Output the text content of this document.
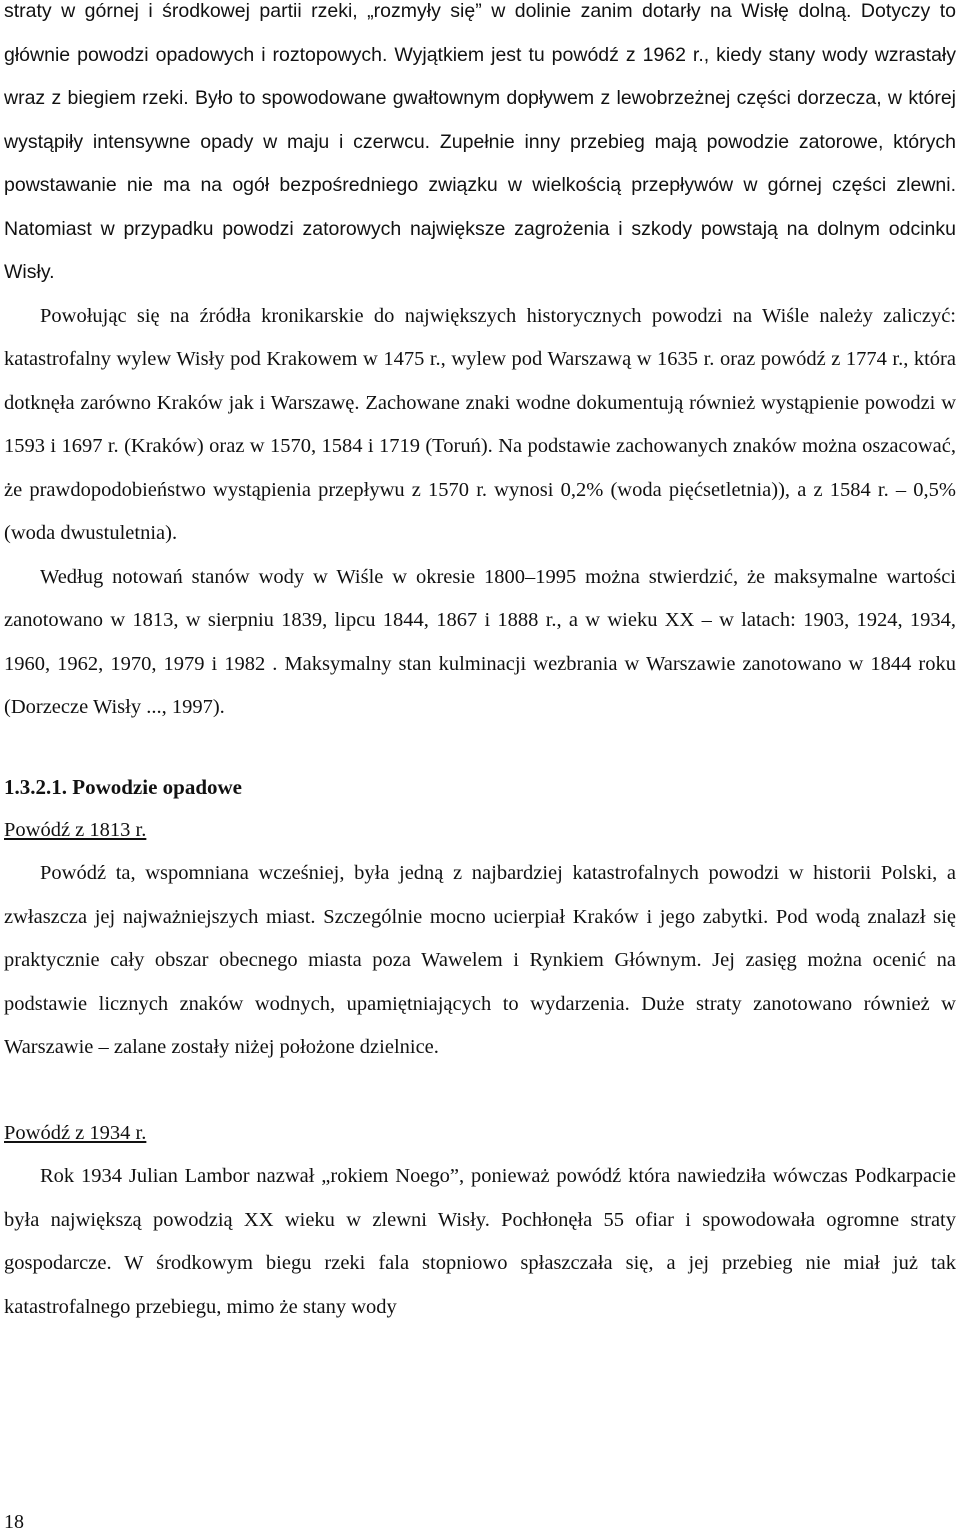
straty w górnej i środkowej partii rzeki, „rozmyły się” w dolinie zanim dotarły na Wisłę dolną. Dotyczy to głównie powodzi opadowych i roztopowych. Wyjątkiem jest tu powódź z 1962 r., kiedy stany wody wzrastały wraz z biegiem rzeki. Było to spowodowane gwałtownym dopływem z lewobrzeżnej części dorzecza, w której wystąpiły intensywne opady w maju i czerwcu. Zupełnie inny przebieg mają powodzie zatorowe, których powstawanie nie ma na ogół bezpośredniego związku w wielkością przepływów w górnej części zlewni. Natomiast w przypadku powodzi zatorowych największe zagrożenia i szkody powstają na dolnym odcinku Wisły.

Powołując się na źródła kronikarskie do największych historycznych powodzi na Wiśle należy zaliczyć: katastrofalny wylew Wisły pod Krakowem w 1475 r., wylew pod Warszawą w 1635 r. oraz powódź z 1774 r., która dotknęła zarówno Kraków jak i Warszawę. Zachowane znaki wodne dokumentują również wystąpienie powodzi w 1593 i 1697 r. (Kraków) oraz w 1570, 1584 i 1719 (Toruń). Na podstawie zachowanych znaków można oszacować, że prawdopodobieństwo wystąpienia przepływu z 1570 r. wynosi 0,2% (woda pięćsetletnia)), a z 1584 r. – 0,5% (woda dwustuletnia).

Według notowań stanów wody w Wiśle w okresie 1800–1995 można stwierdzić, że maksymalne wartości zanotowano w 1813, w sierpniu 1839, lipcu 1844, 1867 i 1888 r., a w wieku XX – w latach: 1903, 1924, 1934, 1960, 1962, 1970, 1979 i 1982 . Maksymalny stan kulminacji wezbrania w Warszawie zanotowano w 1844 roku (Dorzecze Wisły ..., 1997).

1.3.2.1. Powodzie opadowe

Powódź z 1813 r.

Powódź ta, wspomniana wcześniej, była jedną z najbardziej katastrofalnych powodzi w historii Polski, a zwłaszcza jej najważniejszych miast. Szczególnie mocno ucierpiał Kraków i jego zabytki. Pod wodą znalazł się praktycznie cały obszar obecnego miasta poza Wawelem i Rynkiem Głównym. Jej zasięg można ocenić na podstawie licznych znaków wodnych, upamiętniających to wydarzenia. Duże straty zanotowano również w Warszawie – zalane zostały niżej położone dzielnice.

Powódź z 1934 r.

Rok 1934 Julian Lambor nazwał „rokiem Noego”, ponieważ powódź która nawiedziła wówczas Podkarpacie była największą powodzią XX wieku w zlewni Wisły. Pochłonęła 55 ofiar i spowodowała ogromne straty gospodarcze. W środkowym biegu rzeki fala stopniowo spłaszczała się, a jej przebieg nie miał już tak katastrofalnego przebiegu, mimo że stany wody

18
